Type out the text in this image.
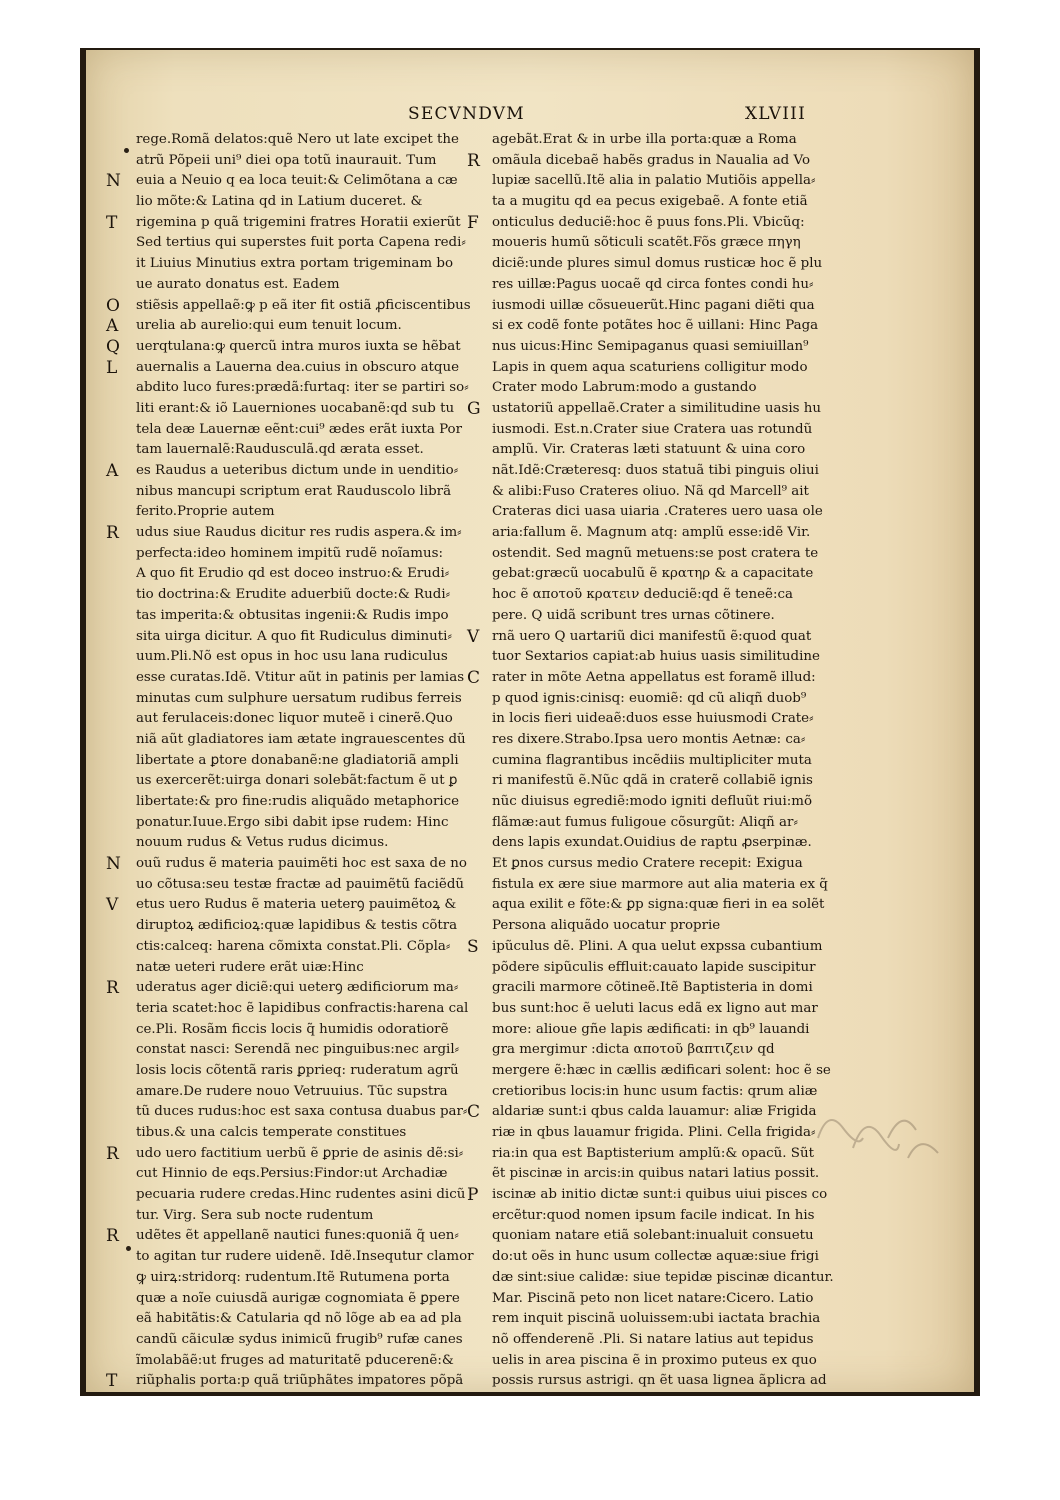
SECVNDVM	XLVIII
rege.Romã delatos:quẽ Nero ut late excipet the
atrũ Põpeii uni⁹ diei opa totũ inaurauit. Tum
N euia a Neuio q ea loca teuit:& Celimõtana a cæ
lio mõte:& Latina qd in Latium duceret. &
T rigemina p quã trigemini fratres Horatii exierũt
Sed tertius qui superstes fuit porta Capena redi⸗
it Liuius Minutius extra portam trigeminam bo
ue aurato donatus est. Eadem
O stiẽsis appellaẽ:ꝙ p eã iter fit ostiã ꝓficiscentibus
A urelia ab aurelio:qui eum tenuit locum.
Q uerqtulana:ꝙ quercũ intra muros iuxta se hẽbat
L auernalis a Lauerna dea.cuius in obscuro atque
abdito luco fures:prædã:furtaq: iter se partiri so⸗
liti erant:& iõ Lauerniones uocabanẽ:qd sub tu
tela deæ Lauernæ eẽnt:cui⁹ ædes erãt iuxta Por
tam lauernalẽ:Raudusculã.qd ærata esset.
A es Raudus a ueteribus dictum unde in uenditio⸗
nibus mancupi scriptum erat Rauduscolo librã
ferito.Proprie autem
R udus siue Raudus dicitur res rudis aspera.& im⸗
perfecta:ideo hominem impitũ rudẽ noĩamus:
A quo fit Erudio qd est doceo instruo:& Erudi⸗
tio doctrina:& Erudite aduerbiũ docte:& Rudi⸗
tas imperita:& obtusitas ingenii:& Rudis impo
sita uirga dicitur. A quo fit Rudiculus diminuti⸗
uum.Pli.Nõ est opus in hoc usu lana rudiculus
esse curatas.Idẽ. Vtitur aũt in patinis per lamias
minutas cum sulphure uersatum rudibus ferreis
aut ferulaceis:donec liquor muteẽ i cinerẽ.Quo
niã aũt gladiatores iam ætate ingrauescentes dũ
libertate a ꝑtore donabanẽ:ne gladiatoriã ampli
us exercerẽt:uirga donari solebãt:factum ẽ ut ꝑ
libertate:& pro fine:rudis aliquãdo metaphorice
ponatur.Iuue.Ergo sibi dabit ipse rudem: Hinc
nouum rudus & Vetus rudus dicimus.
N ouũ rudus ẽ materia pauimẽti hoc est saxa de no
uo cõtusa:seu testæ fractæ ad pauimẽtũ faciẽdũ
V etus uero Rudus ẽ materia ueterꝯ pauimẽtoꝝ &
diruptoꝝ ædificioꝝ:quæ lapidibus & testis cõtra
ctis:calceq: harena cõmixta constat.Pli. Cõpla⸗
natæ ueteri rudere erãt uiæ:Hinc
R uderatus ager diciẽ:qui ueterꝯ ædificiorum ma⸗
teria scatet:hoc ẽ lapidibus confractis:harena cal
ce.Pli. Rosãm ficcis locis q̃ humidis odoratiorẽ
constat nasci: Serendã nec pinguibus:nec argil⸗
losis locis cõtentã raris ꝑprieq: ruderatum agrũ
amare.De rudere nouo Vetruuius. Tũc supstra
tũ duces rudus:hoc est saxa contusa duabus par⸗
tibus.& una calcis temperate constitues
R udo uero factitium uerbũ ẽ ꝑprie de asinis dẽ:si⸗
cut Hinnio de eqs.Persius:Findor:ut Archadiæ
pecuaria rudere credas.Hinc rudentes asini dicũ
tur. Virg. Sera sub nocte rudentum
R udẽtes ẽt appellanẽ nautici funes:quoniã q̃ uen⸗
to agitan tur rudere uidenẽ. Idẽ.Insequtur clamor
ꝙ uirꝝ:stridorq: rudentum.Itẽ Rutumena porta
quæ a noĩe cuiusdã aurigæ cognomiata ẽ ꝑpere
eã habitãtis:& Catularia qd nõ lõge ab ea ad pla
candũ cãiculæ sydus inimicũ frugib⁹ rufæ canes
ĩmolabãẽ:ut fruges ad maturitatẽ pducerenẽ:&
T riũphalis porta:p quã triũphãtes impatores põpã
agebãt.Erat & in urbe illa porta:quæ a Roma
R omãula dicebaẽ habẽs gradus in Naualia ad Vo
lupiæ sacellũ.Itẽ alia in palatio Mutiõis appella⸗
ta a mugitu qd ea pecus exigebaẽ. A fonte etiã
F onticulus deduciẽ:hoc ẽ puus fons.Pli. Vbicũq:
moueris humũ sõticuli scatẽt.Fõs græce πηγη
diciẽ:unde plures simul domus rusticæ hoc ẽ plu
res uillæ:Pagus uocaẽ qd circa fontes condi hu⸗
iusmodi uillæ cõsueuerũt.Hinc pagani diẽti qua
si ex codẽ fonte potãtes hoc ẽ uillani: Hinc Paga
nus uicus:Hinc Semipaganus quasi semiuillan⁹
Lapis in quem aqua scaturiens colligitur modo
Crater modo Labrum:modo a gustando
G ustatoriũ appellaẽ.Crater a similitudine uasis hu
iusmodi. Est.n.Crater siue Cratera uas rotundũ
amplũ. Vir. Crateras læti statuunt & uina coro
nãt.Idẽ:Cræteresq: duos statuã tibi pinguis oliui
& alibi:Fuso Crateres oliuo. Nã qd Marcell⁹ ait
Crateras dici uasa uiaria .Crateres uero uasa ole
aria:fallum ẽ. Magnum atq: amplũ esse:idẽ Vir.
ostendit. Sed magnũ metuens:se post cratera te
gebat:græcũ uocabulũ ẽ κρατηρ & a capacitate
hoc ẽ απoτoῦ κρατειν deduciẽ:qd ẽ teneẽ:ca
pere. Q uidã scribunt tres urnas cõtinere.
V rnã uero Q uartariũ dici manifestũ ẽ:quod quat
tuor Sextarios capiat:ab huius uasis similitudine
C rater in mõte Aetna appellatus est foramẽ illud:
p quod ignis:cinisq: euomiẽ: qd cũ aliqñ duob⁹
in locis fieri uideaẽ:duos esse huiusmodi Crate⸗
res dixere.Strabo.Ipsa uero montis Aetnæ: ca⸗
cumina flagrantibus incẽdiis multipliciter muta
ri manifestũ ẽ.Nũc qdã in craterẽ collabiẽ ignis
nũc diuisus egrediẽ:modo igniti defluũt riui:mõ
flãmæ:aut fumus fuligoue cõsurgũt: Aliqñ ar⸗
dens lapis exundat.Ouidius de raptu ꝓserpinæ.
Et ꝑnos cursus medio Cratere recepit: Exigua
fistula ex ære siue marmore aut alia materia ex q̃
aqua exilit e fõte:& ꝑp signa:quæ fieri in ea solẽt
Persona aliquãdo uocatur proprie
S ipũculus dẽ. Plini. A qua uelut expssa cubantium
põdere sipũculis effluit:cauato lapide suscipitur
gracili marmore cõtineẽ.Itẽ Baptisteria in domi
bus sunt:hoc ẽ ueluti lacus edã ex ligno aut mar
more: alioue gñe lapis ædificati: in qb⁹ lauandi
gra mergimur :dicta απoτoῦ βαπτιζειν qd
mergere ẽ:hæc in cællis ædificari solent: hoc ẽ se
cretioribus locis:in hunc usum factis: qrum aliæ
C aldariæ sunt:i qbus calda lauamur: aliæ Frigida
riæ in qbus lauamur frigida. Plini. Cella frigida⸗
ria:in qua est Baptisterium amplũ:& opacũ. Sũt
ẽt piscinæ in arcis:in quibus natari latius possit.
P iscinæ ab initio dictæ sunt:i quibus uiui pisces co
ercẽtur:quod nomen ipsum facile indicat. In his
quoniam natare etiã solebant:inualuit consuetu
do:ut oẽs in hunc usum collectæ aquæ:siue frigi
dæ sint:siue calidæ: siue tepidæ piscinæ dicantur.
Mar. Piscinã peto non licet natare:Cicero. Latio
rem inquit piscinã uoluissem:ubi iactata brachia
nõ offenderenẽ .Pli. Si natare latius aut tepidus
uelis in area piscina ẽ in proximo puteus ex quo
possis rursus astrigi. qn ẽt uasa lignea ãplicra ad
